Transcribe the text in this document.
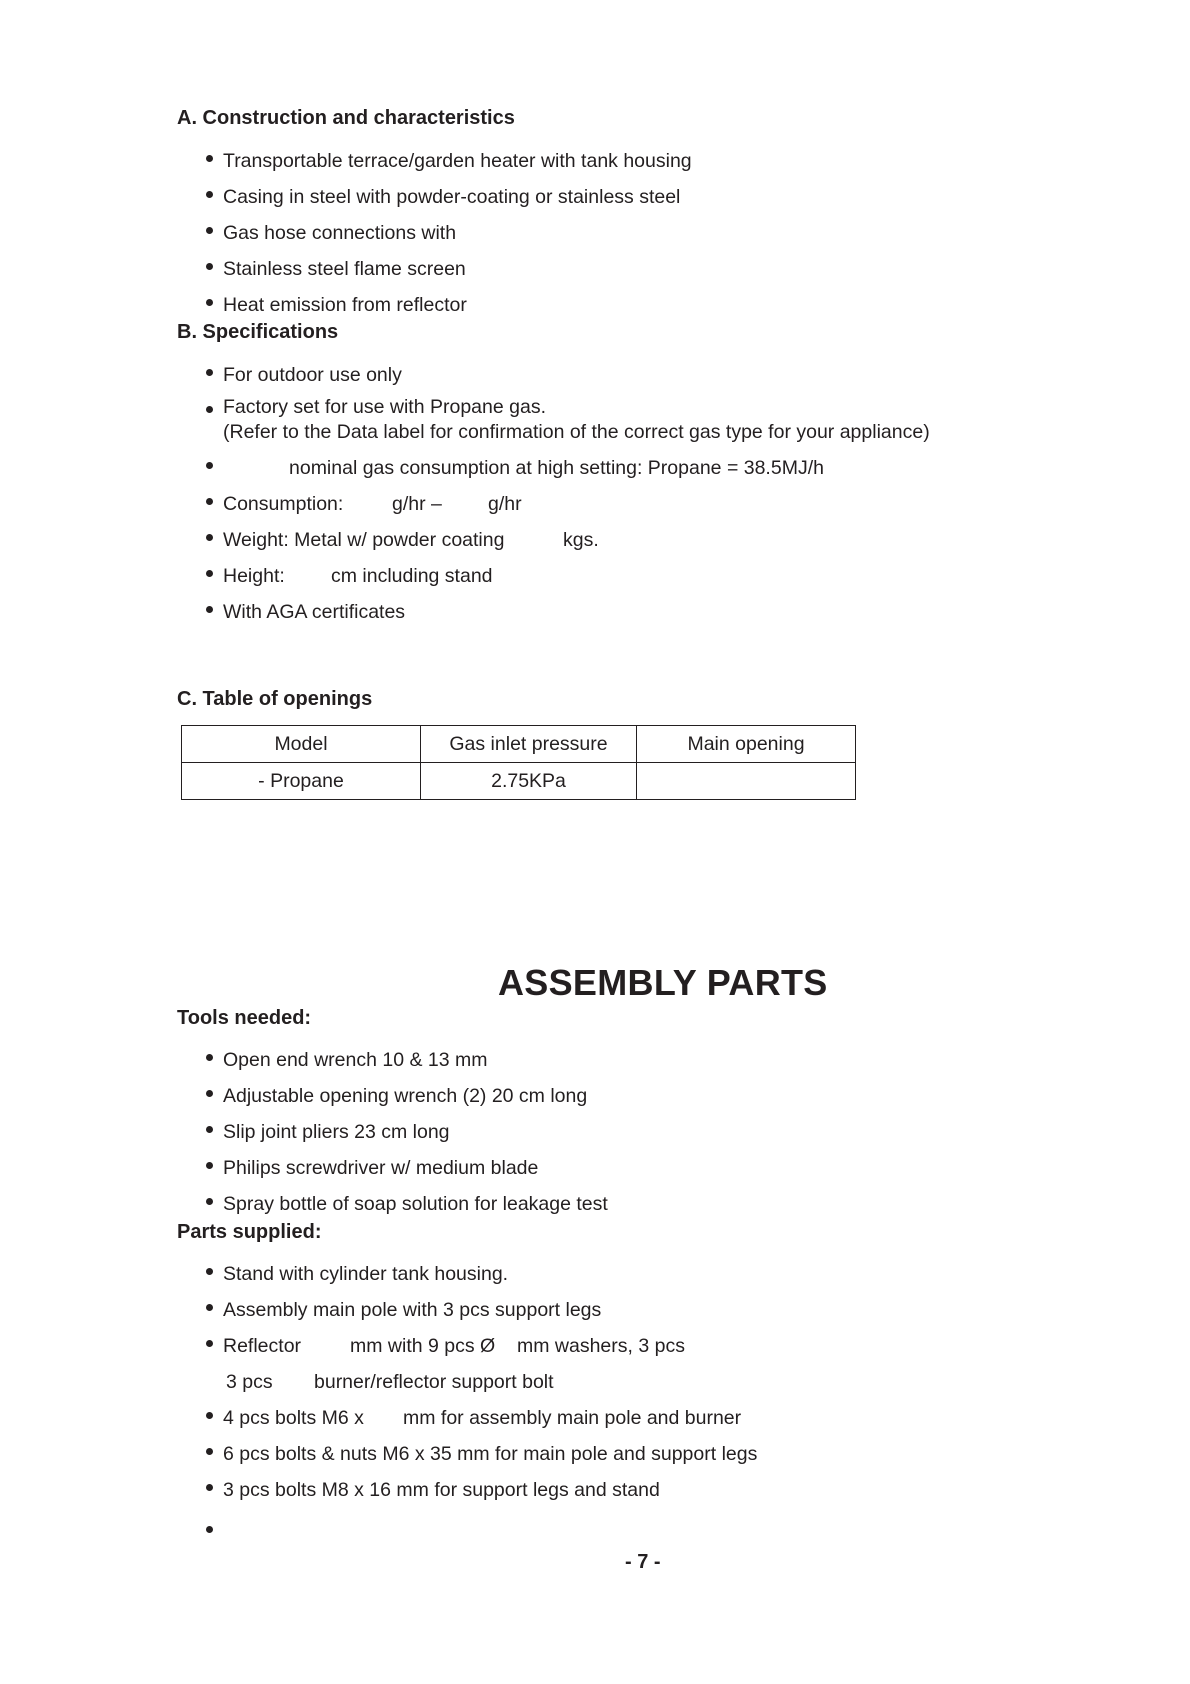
A. Construction and characteristics
Transportable terrace/garden heater with tank housing
Casing in steel with powder-coating or stainless steel
Gas hose connections with
Stainless steel flame screen
Heat emission from reflector
B. Specifications
For outdoor use only
Factory set for use with Propane gas.
(Refer to the Data label for confirmation of the correct gas type for your appliance)
nominal gas consumption at high setting: Propane = 38.5MJ/h
Consumption: g/hr – g/hr
Weight: Metal w/ powder coating	kgs.
Height: cm including stand
With AGA certificates
C. Table of openings
Model	Gas inlet pressure	Main opening
- Propane	2.75KPa	
ASSEMBLY PARTS
Tools needed:
Open end wrench 10 & 13 mm
Adjustable opening wrench (2) 20 cm long
Slip joint pliers 23 cm long
Philips screwdriver w/ medium blade
Spray bottle of soap solution for leakage test
Parts supplied:
Stand with cylinder tank housing.
Assembly main pole with 3 pcs support legs
Reflector	mm with 9 pcs Ø mm washers, 3 pcs
3 pcs burner/reflector support bolt
4 pcs bolts M6 x mm for assembly main pole and burner
6 pcs bolts & nuts M6 x 35 mm for main pole and support legs
3 pcs bolts M8 x 16 mm for support legs and stand
- 7 -
